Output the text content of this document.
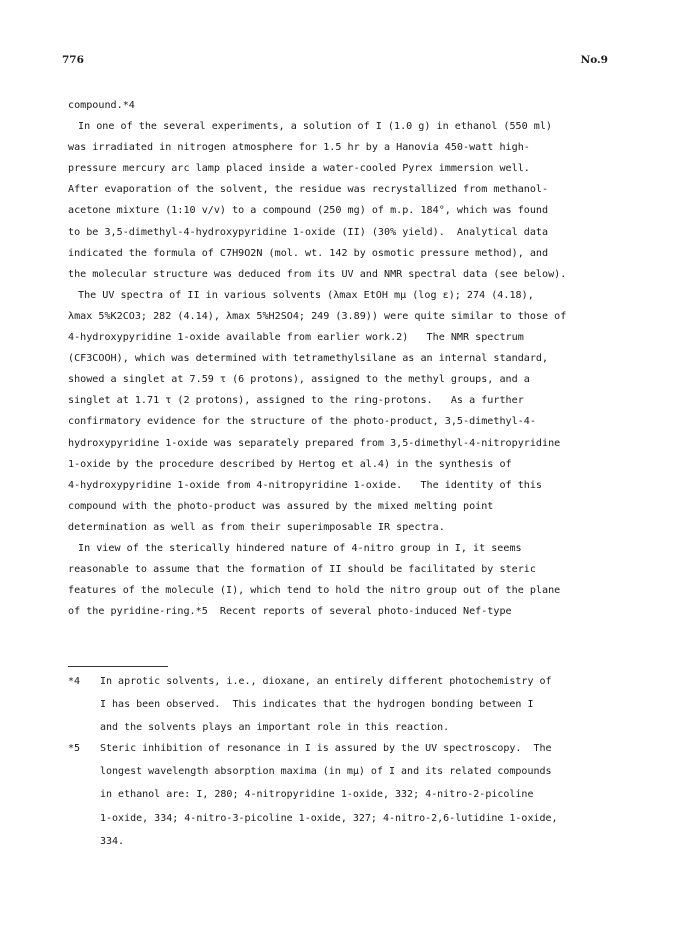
776	No.9
compound.*4
In one of the several experiments, a solution of I (1.0 g) in ethanol (550 ml)
was irradiated in nitrogen atmosphere for 1.5 hr by a Hanovia 450-watt high-
pressure mercury arc lamp placed inside a water-cooled Pyrex immersion well.
After evaporation of the solvent, the residue was recrystallized from methanol-
acetone mixture (1:10 v/v) to a compound (250 mg) of m.p. 184°, which was found
to be 3,5-dimethyl-4-hydroxypyridine 1-oxide (II) (30% yield).  Analytical data
indicated the formula of C7H9O2N (mol. wt. 142 by osmotic pressure method), and
the molecular structure was deduced from its UV and NMR spectral data (see below).
The UV spectra of II in various solvents (λmax EtOH mμ (log ε); 274 (4.18),
λmax 5%K2CO3; 282 (4.14), λmax 5%H2SO4; 249 (3.89)) were quite similar to those of
4-hydroxypyridine 1-oxide available from earlier work.2)   The NMR spectrum
(CF3COOH), which was determined with tetramethylsilane as an internal standard,
showed a singlet at 7.59 τ (6 protons), assigned to the methyl groups, and a
singlet at 1.71 τ (2 protons), assigned to the ring-protons.   As a further
confirmatory evidence for the structure of the photo-product, 3,5-dimethyl-4-
hydroxypyridine 1-oxide was separately prepared from 3,5-dimethyl-4-nitropyridine
1-oxide by the procedure described by Hertog et al.4) in the synthesis of
4-hydroxypyridine 1-oxide from 4-nitropyridine 1-oxide.   The identity of this
compound with the photo-product was assured by the mixed melting point
determination as well as from their superimposable IR spectra.
In view of the sterically hindered nature of 4-nitro group in I, it seems
reasonable to assume that the formation of II should be facilitated by steric
features of the molecule (I), which tend to hold the nitro group out of the plane
of the pyridine-ring.*5  Recent reports of several photo-induced Nef-type
*4	In aprotic solvents, i.e., dioxane, an entirely different photochemistry of

I has been observed.  This indicates that the hydrogen bonding between I

and the solvents plays an important role in this reaction.
*5	Steric inhibition of resonance in I is assured by the UV spectroscopy.  The

longest wavelength absorption maxima (in mμ) of I and its related compounds

in ethanol are: I, 280; 4-nitropyridine 1-oxide, 332; 4-nitro-2-picoline

1-oxide, 334; 4-nitro-3-picoline 1-oxide, 327; 4-nitro-2,6-lutidine 1-oxide,

334.
